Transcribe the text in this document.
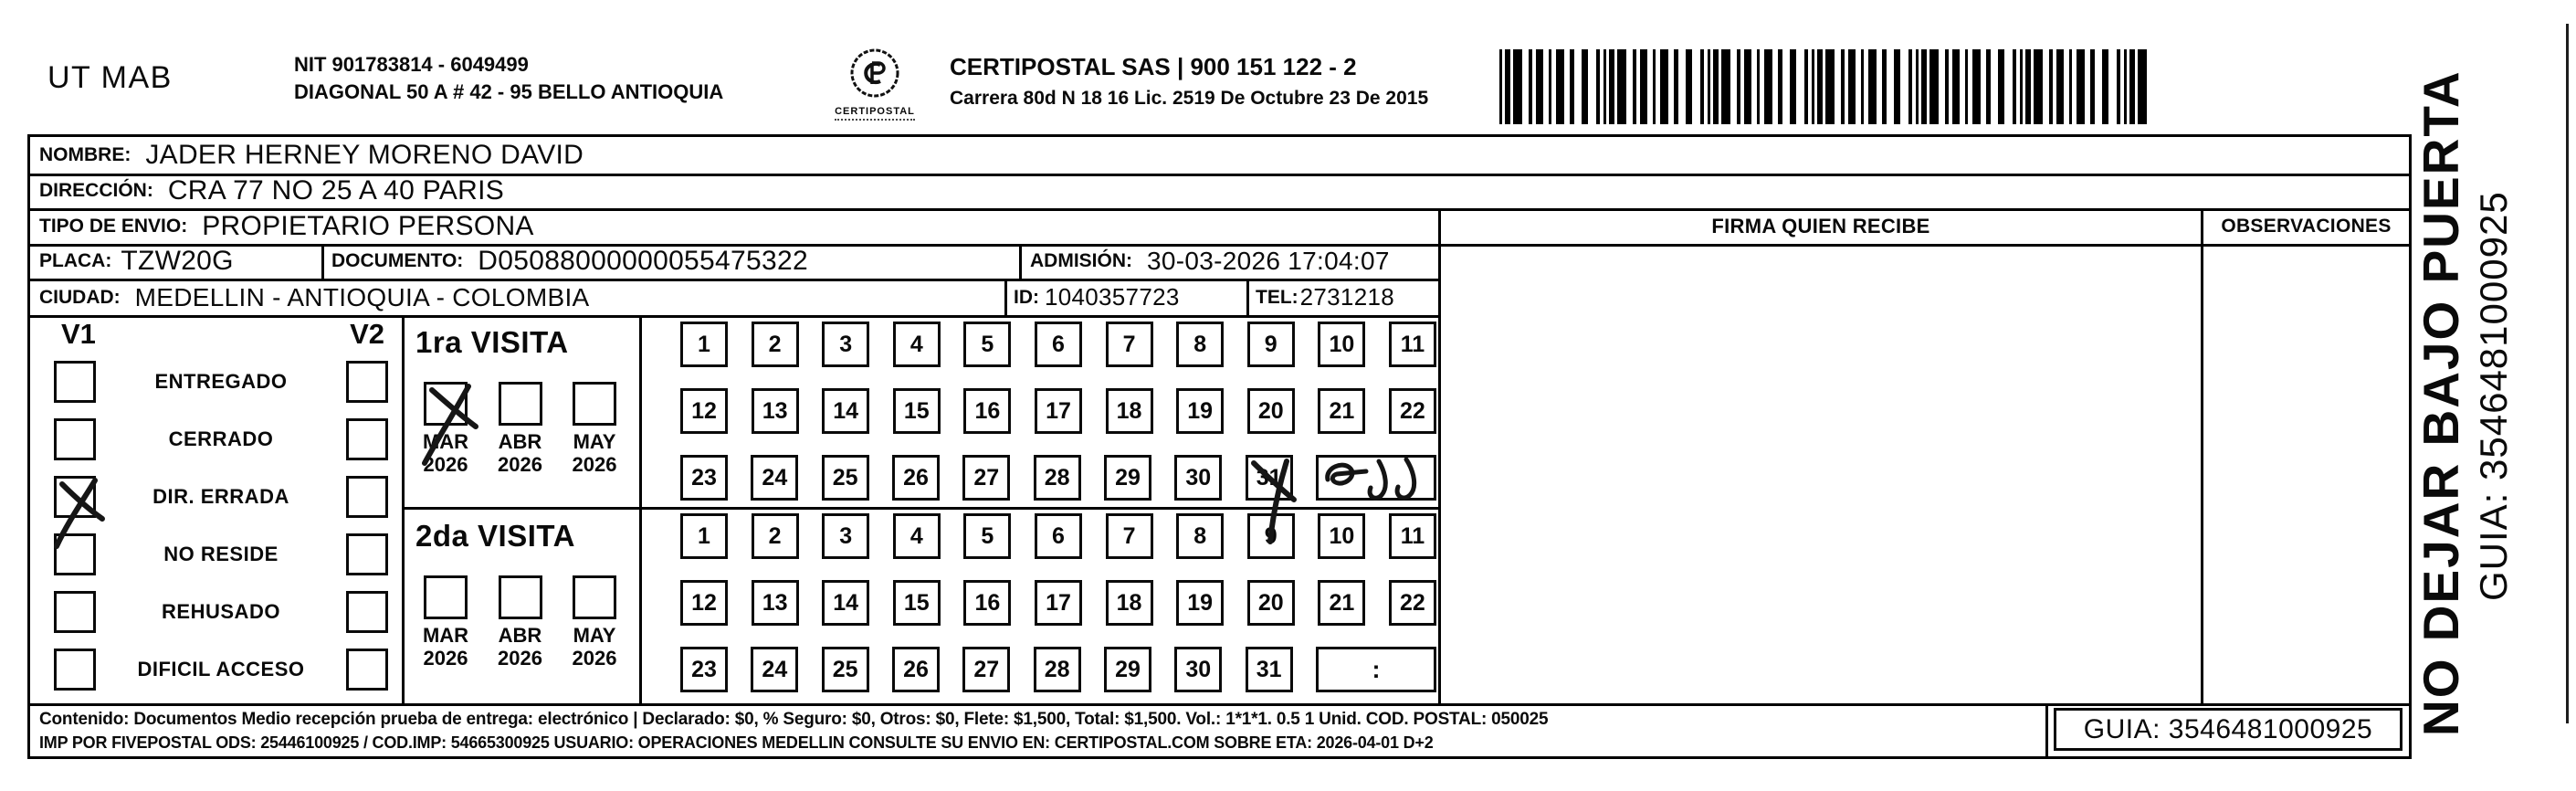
UT MAB	NIT 901783814 - 6049499
DIAGONAL 50 A # 42 - 95 BELLO ANTIOQUIA
CERTIPOSTAL
CERTIPOSTAL SAS | 900 151 122 - 2
Carrera 80d N 18 16 Lic. 2519 De Octubre 23 De 2015
NOMBRE: JADER HERNEY MORENO DAVID
DIRECCIÓN: CRA 77 NO 25 A 40 PARIS
TIPO DE ENVIO: PROPIETARIO PERSONA
PLACA: TZW20G	DOCUMENTO: D05088000000055475322	ADMISIÓN: 30-03-2026 17:04:07
CIUDAD: MEDELLIN - ANTIOQUIA - COLOMBIA	ID: 1040357723	TEL: 2731218
FIRMA QUIEN RECIBE	OBSERVACIONES
V1	V2
ENTREGADO
CERRADO
DIR. ERRADA
NO RESIDE
REHUSADO
DIFICIL ACCESO
1ra VISITA
MAR
2026
ABR
2026
MAY
2026
2da VISITA
MAR
2026
ABR
2026
MAY
2026
1	2	3	4	5	6	7	8	9	10	11
12	13	14	15	16	17	18	19	20	21	22
23	24	25	26	27	28	29	30	31
1	2	3	4	5	6	7	8	9	10	11
12	13	14	15	16	17	18	19	20	21	22
23	24	25	26	27	28	29	30	31	:
Contenido: Documentos Medio recepción prueba de entrega: electrónico | Declarado: $0, % Seguro: $0, Otros: $0, Flete: $1,500, Total: $1,500. Vol.: 1*1*1. 0.5 1 Unid. COD. POSTAL: 050025
IMP POR FIVEPOSTAL ODS: 25446100925 / COD.IMP: 54665300925 USUARIO: OPERACIONES MEDELLIN CONSULTE SU ENVIO EN: CERTIPOSTAL.COM SOBRE ETA: 2026-04-01 D+2	GUIA: 3546481000925 NO DEJAR BAJO PUERTA GUIA: 3546481000925
